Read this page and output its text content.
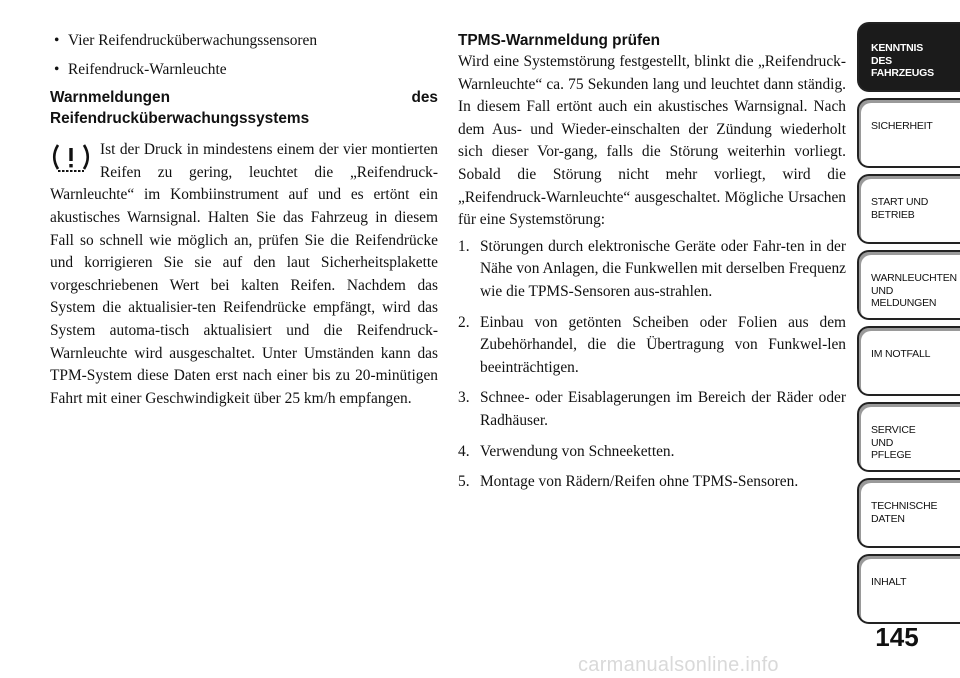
• Vier Reifendrucküberwachungssensoren
• Reifendruck-Warnleuchte
Warnmeldungen des Reifendrucküberwachungssystems

Ist der Druck in mindestens einem der vier montierten Reifen zu gering, leuchtet die „Reifendruck-Warnleuchte“ im Kombiinstrument auf und es ertönt ein akustisches Warnsignal. Halten Sie das Fahrzeug in diesem Fall so schnell wie möglich an, prüfen Sie die Reifendrücke und korrigieren Sie sie auf den laut Sicherheitsplakette vorgeschriebenen Wert bei kalten Reifen. Nachdem das System die aktualisier-ten Reifendrücke empfängt, wird das System automa-tisch aktualisiert und die Reifendruck-Warnleuchte wird ausgeschaltet. Unter Umständen kann das TPM-System diese Daten erst nach einer bis zu 20-minütigen Fahrt mit einer Geschwindigkeit über 25 km/h empfangen.

TPMS-Warnmeldung prüfen

Wird eine Systemstörung festgestellt, blinkt die „Reifendruck-Warnleuchte“ ca. 75 Sekunden lang und leuchtet dann ständig. In diesem Fall ertönt auch ein akustisches Warnsignal. Nach dem Aus- und Wieder-einschalten der Zündung wiederholt sich dieser Vor-gang, falls die Störung weiterhin vorliegt. Sobald die Störung nicht mehr vorliegt, wird die „Reifendruck-Warnleuchte“ ausgeschaltet. Mögliche Ursachen für eine Systemstörung:

1. Störungen durch elektronische Geräte oder Fahr-ten in der Nähe von Anlagen, die Funkwellen mit derselben Frequenz wie die TPMS-Sensoren aus-strahlen.
2. Einbau von getönten Scheiben oder Folien aus dem Zubehörhandel, die die Übertragung von Funkwel-len beeinträchtigen.
3. Schnee- oder Eisablagerungen im Bereich der Räder oder Radhäuser.
4. Verwendung von Schneeketten.
5. Montage von Rädern/Reifen ohne TPMS-Sensoren.
KENNTNIS
DES
FAHRZEUGS
SICHERHEIT
START UND
BETRIEB
WARNLEUCHTEN
UND
MELDUNGEN
IM NOTFALL
SERVICE
UND
PFLEGE
TECHNISCHE
DATEN
INHALT
145
carmanualsonline.info
